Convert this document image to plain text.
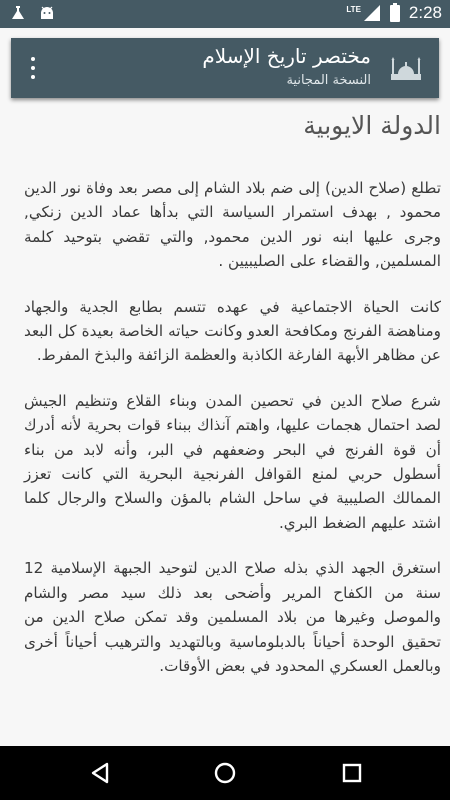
LTE	2:28
مختصر تاريخ الإسلام
النسخة المجانية
الدولة الايوبية

تطلع (صلاح الدين) إلى ضم بلاد الشام إلى مصر بعد وفاة نور الدين محمود , بهدف استمرار السياسة التي بدأها عماد الدين زنكي, وجرى عليها ابنه نور الدين محمود, والتي تقضي بتوحيد كلمة المسلمين, والقضاء على الصليبيين .

كانت الحياة الاجتماعية في عهده تتسم بطابع الجدية والجهاد ومناهضة الفرنج ومكافحة العدو وكانت حياته الخاصة بعيدة كل البعد عن مظاهر الأبهة الفارغة الكاذبة والعظمة الزائفة والبذخ المفرط.

شرع صلاح الدين في تحصين المدن وبناء القلاع وتنظيم الجيش لصد احتمال هجمات عليها، واهتم آنذاك ببناء قوات بحرية لأنه أدرك أن قوة الفرنج في البحر وضعفهم في البر، وأنه لابد من بناء أسطول حربي لمنع القوافل الفرنجية البحرية التي كانت تعزز الممالك الصليبية في ساحل الشام بالمؤن والسلاح والرجال كلما اشتد عليهم الضغط البري.

استغرق الجهد الذي بذله صلاح الدين لتوحيد الجبهة الإسلامية 12 سنة من الكفاح المرير وأضحى بعد ذلك سيد مصر والشام والموصل وغيرها من بلاد المسلمين وقد تمكن صلاح الدين من تحقيق الوحدة أحياناً بالدبلوماسية وبالتهديد والترهيب أحياناً أخرى وبالعمل العسكري المحدود في بعض الأوقات.
